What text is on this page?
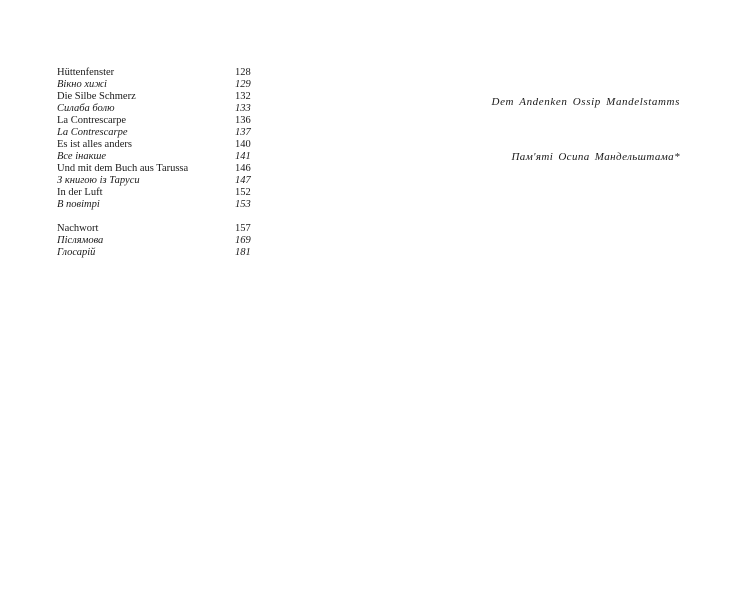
Hüttenfenster	128
Вікно хижі	129
Die Silbe Schmerz	132
Силаба болю	133
La Contrescarpe	136
La Contrescarpe	137
Es ist alles anders	140
Все інакше	141
Und mit dem Buch aus Tarussa	146
З книгою із Таруси	147
In der Luft	152
В повітрі	153
Nachwort	157
Післямова	169
Глосарій	181
Dem Andenken Ossip Mandelstamms
Пам'яті Осипа Мандельштама*
